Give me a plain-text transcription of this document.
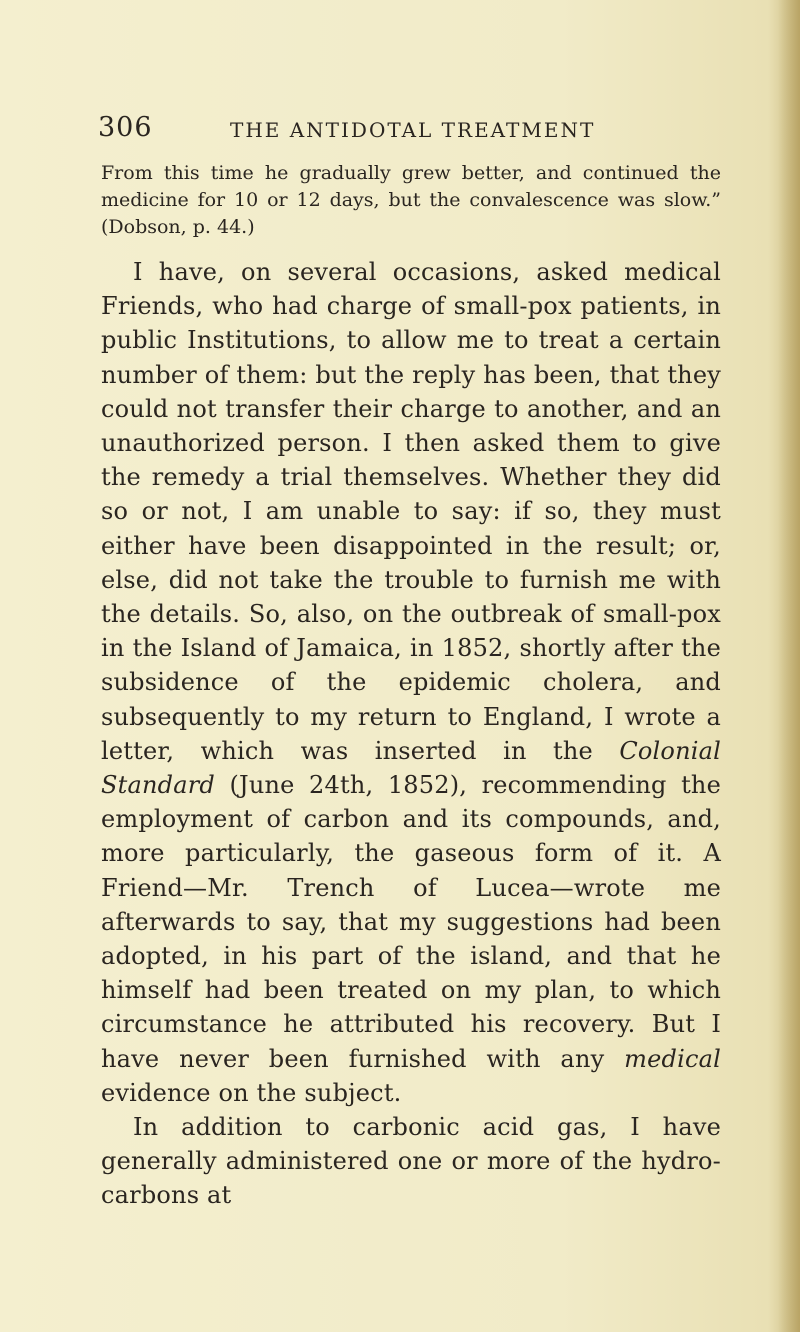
306	THE ANTIDOTAL TREATMENT
From this time he gradually grew better, and continued the medicine for 10 or 12 days, but the convalescence was slow.” (Dobson, p. 44.)

I have, on several occasions, asked medical Friends, who had charge of small-pox patients, in public Institutions, to allow me to treat a certain number of them: but the reply has been, that they could not transfer their charge to another, and an unauthorized person. I then asked them to give the remedy a trial themselves. Whether they did so or not, I am unable to say: if so, they must either have been disappointed in the result; or, else, did not take the trouble to furnish me with the details. So, also, on the outbreak of small-pox in the Island of Jamaica, in 1852, shortly after the subsidence of the epidemic cholera, and subsequently to my return to England, I wrote a letter, which was inserted in the Colonial Standard (June 24th, 1852), recommending the employment of carbon and its compounds, and, more particularly, the gaseous form of it. A Friend—Mr. Trench of Lucea—wrote me afterwards to say, that my suggestions had been adopted, in his part of the island, and that he himself had been treated on my plan, to which circumstance he attributed his recovery. But I have never been furnished with any medical evidence on the subject.

In addition to carbonic acid gas, I have generally administered one or more of the hydro-carbons at
